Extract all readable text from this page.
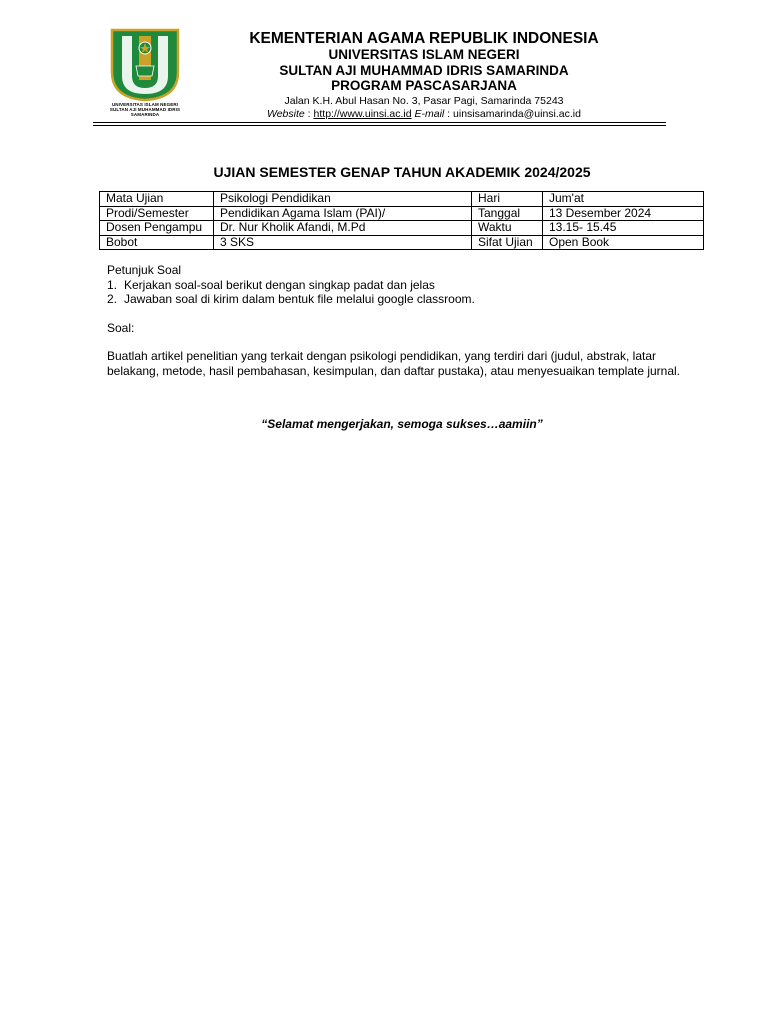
UNIVERSITAS ISLAM NEGERI
SULTAN AJI MUHAMMAD IDRIS
SAMARINDA
KEMENTERIAN AGAMA REPUBLIK INDONESIA
UNIVERSITAS ISLAM NEGERI
SULTAN AJI MUHAMMAD IDRIS SAMARINDA
PROGRAM PASCASARJANA
Jalan K.H. Abul Hasan No. 3, Pasar Pagi, Samarinda 75243
Website : http://www.uinsi.ac.id E-mail : uinsisamarinda@uinsi.ac.id
UJIAN SEMESTER GENAP TAHUN AKADEMIK 2024/2025
Mata Ujian	Psikologi Pendidikan	Hari	Jum'at
Prodi/Semester	Pendidikan Agama Islam (PAI)/	Tanggal	13 Desember 2024
Dosen Pengampu	Dr. Nur Kholik Afandi, M.Pd	Waktu	13.15- 15.45
Bobot	3 SKS	Sifat Ujian	Open Book

Petunjuk Soal

1. Kerjakan soal-soal berikut dengan singkap padat dan jelas
2. Jawaban soal di kirim dalam bentuk file melalui google classroom.

Soal:

Buatlah artikel penelitian yang terkait dengan psikologi pendidikan, yang terdiri dari (judul, abstrak, latar belakang, metode, hasil pembahasan, kesimpulan, dan daftar pustaka), atau menyesuaikan template jurnal.

“Selamat mengerjakan, semoga sukses…aamiin”
